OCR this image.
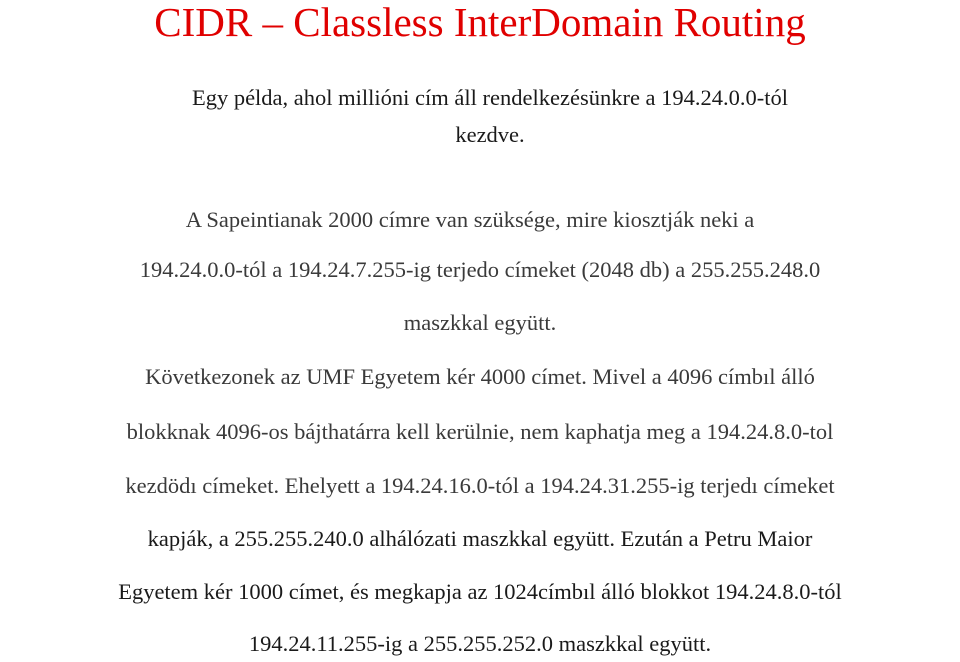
CIDR – Classless InterDomain Routing
Egy példa, ahol millióni cím áll rendelkezésünkre a 194.24.0.0-tól
kezdve.
A Sapeintianak 2000 címre van szüksége, mire kiosztják neki a
194.24.0.0-tól a 194.24.7.255-ig terjedo címeket (2048 db) a 255.255.248.0
maszkkal együtt.
Következonek az UMF Egyetem kér 4000 címet. Mivel a 4096 címbıl álló
blokknak 4096-os bájthatárra kell kerülnie, nem kaphatja meg a 194.24.8.0-tol
kezdödı címeket. Ehelyett a 194.24.16.0-tól a 194.24.31.255-ig terjedı címeket
kapják, a 255.255.240.0 alhálózati maszkkal együtt. Ezután a Petru Maior
Egyetem kér 1000 címet, és megkapja az 1024címbıl álló blokkot 194.24.8.0-tól
194.24.11.255-ig a 255.255.252.0 maszkkal együtt.
